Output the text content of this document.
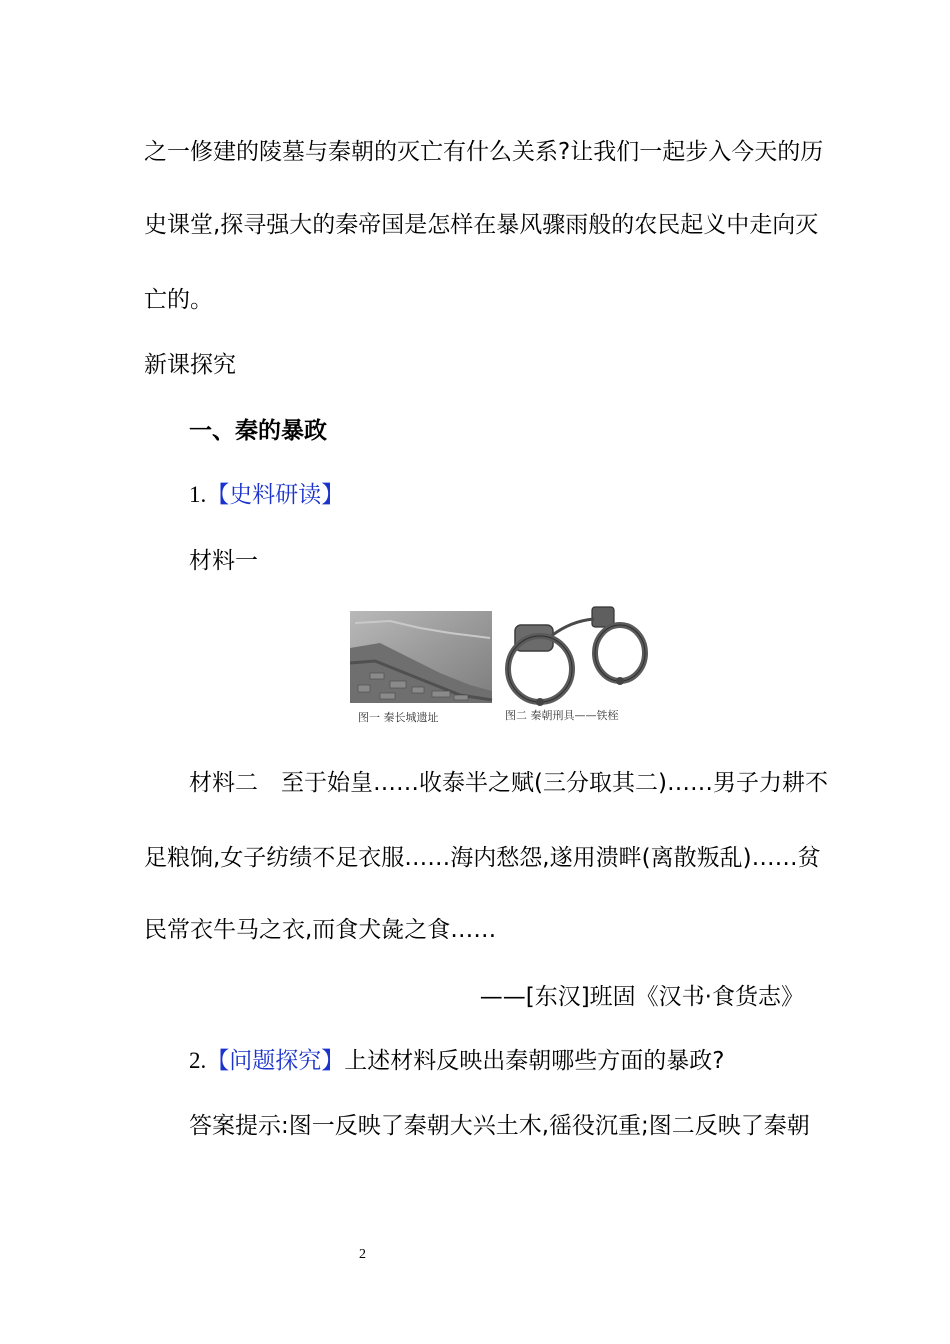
之一修建的陵墓与秦朝的灭亡有什么关系?让我们一起步入今天的历
史课堂,探寻强大的秦帝国是怎样在暴风骤雨般的农民起义中走向灭
亡的。
新课探究
一、秦的暴政
1.【史料研读】
材料一
图一 秦长城遗址	图二 秦朝刑具——铁桎
材料二　至于始皇……收泰半之赋(三分取其二)……男子力耕不
足粮饷,女子纺绩不足衣服……海内愁怨,遂用溃畔(离散叛乱)……贫
民常衣牛马之衣,而食犬彘之食……
——[东汉]班固《汉书·食货志》
2.【问题探究】上述材料反映出秦朝哪些方面的暴政?
答案提示:图一反映了秦朝大兴土木,徭役沉重;图二反映了秦朝
2
